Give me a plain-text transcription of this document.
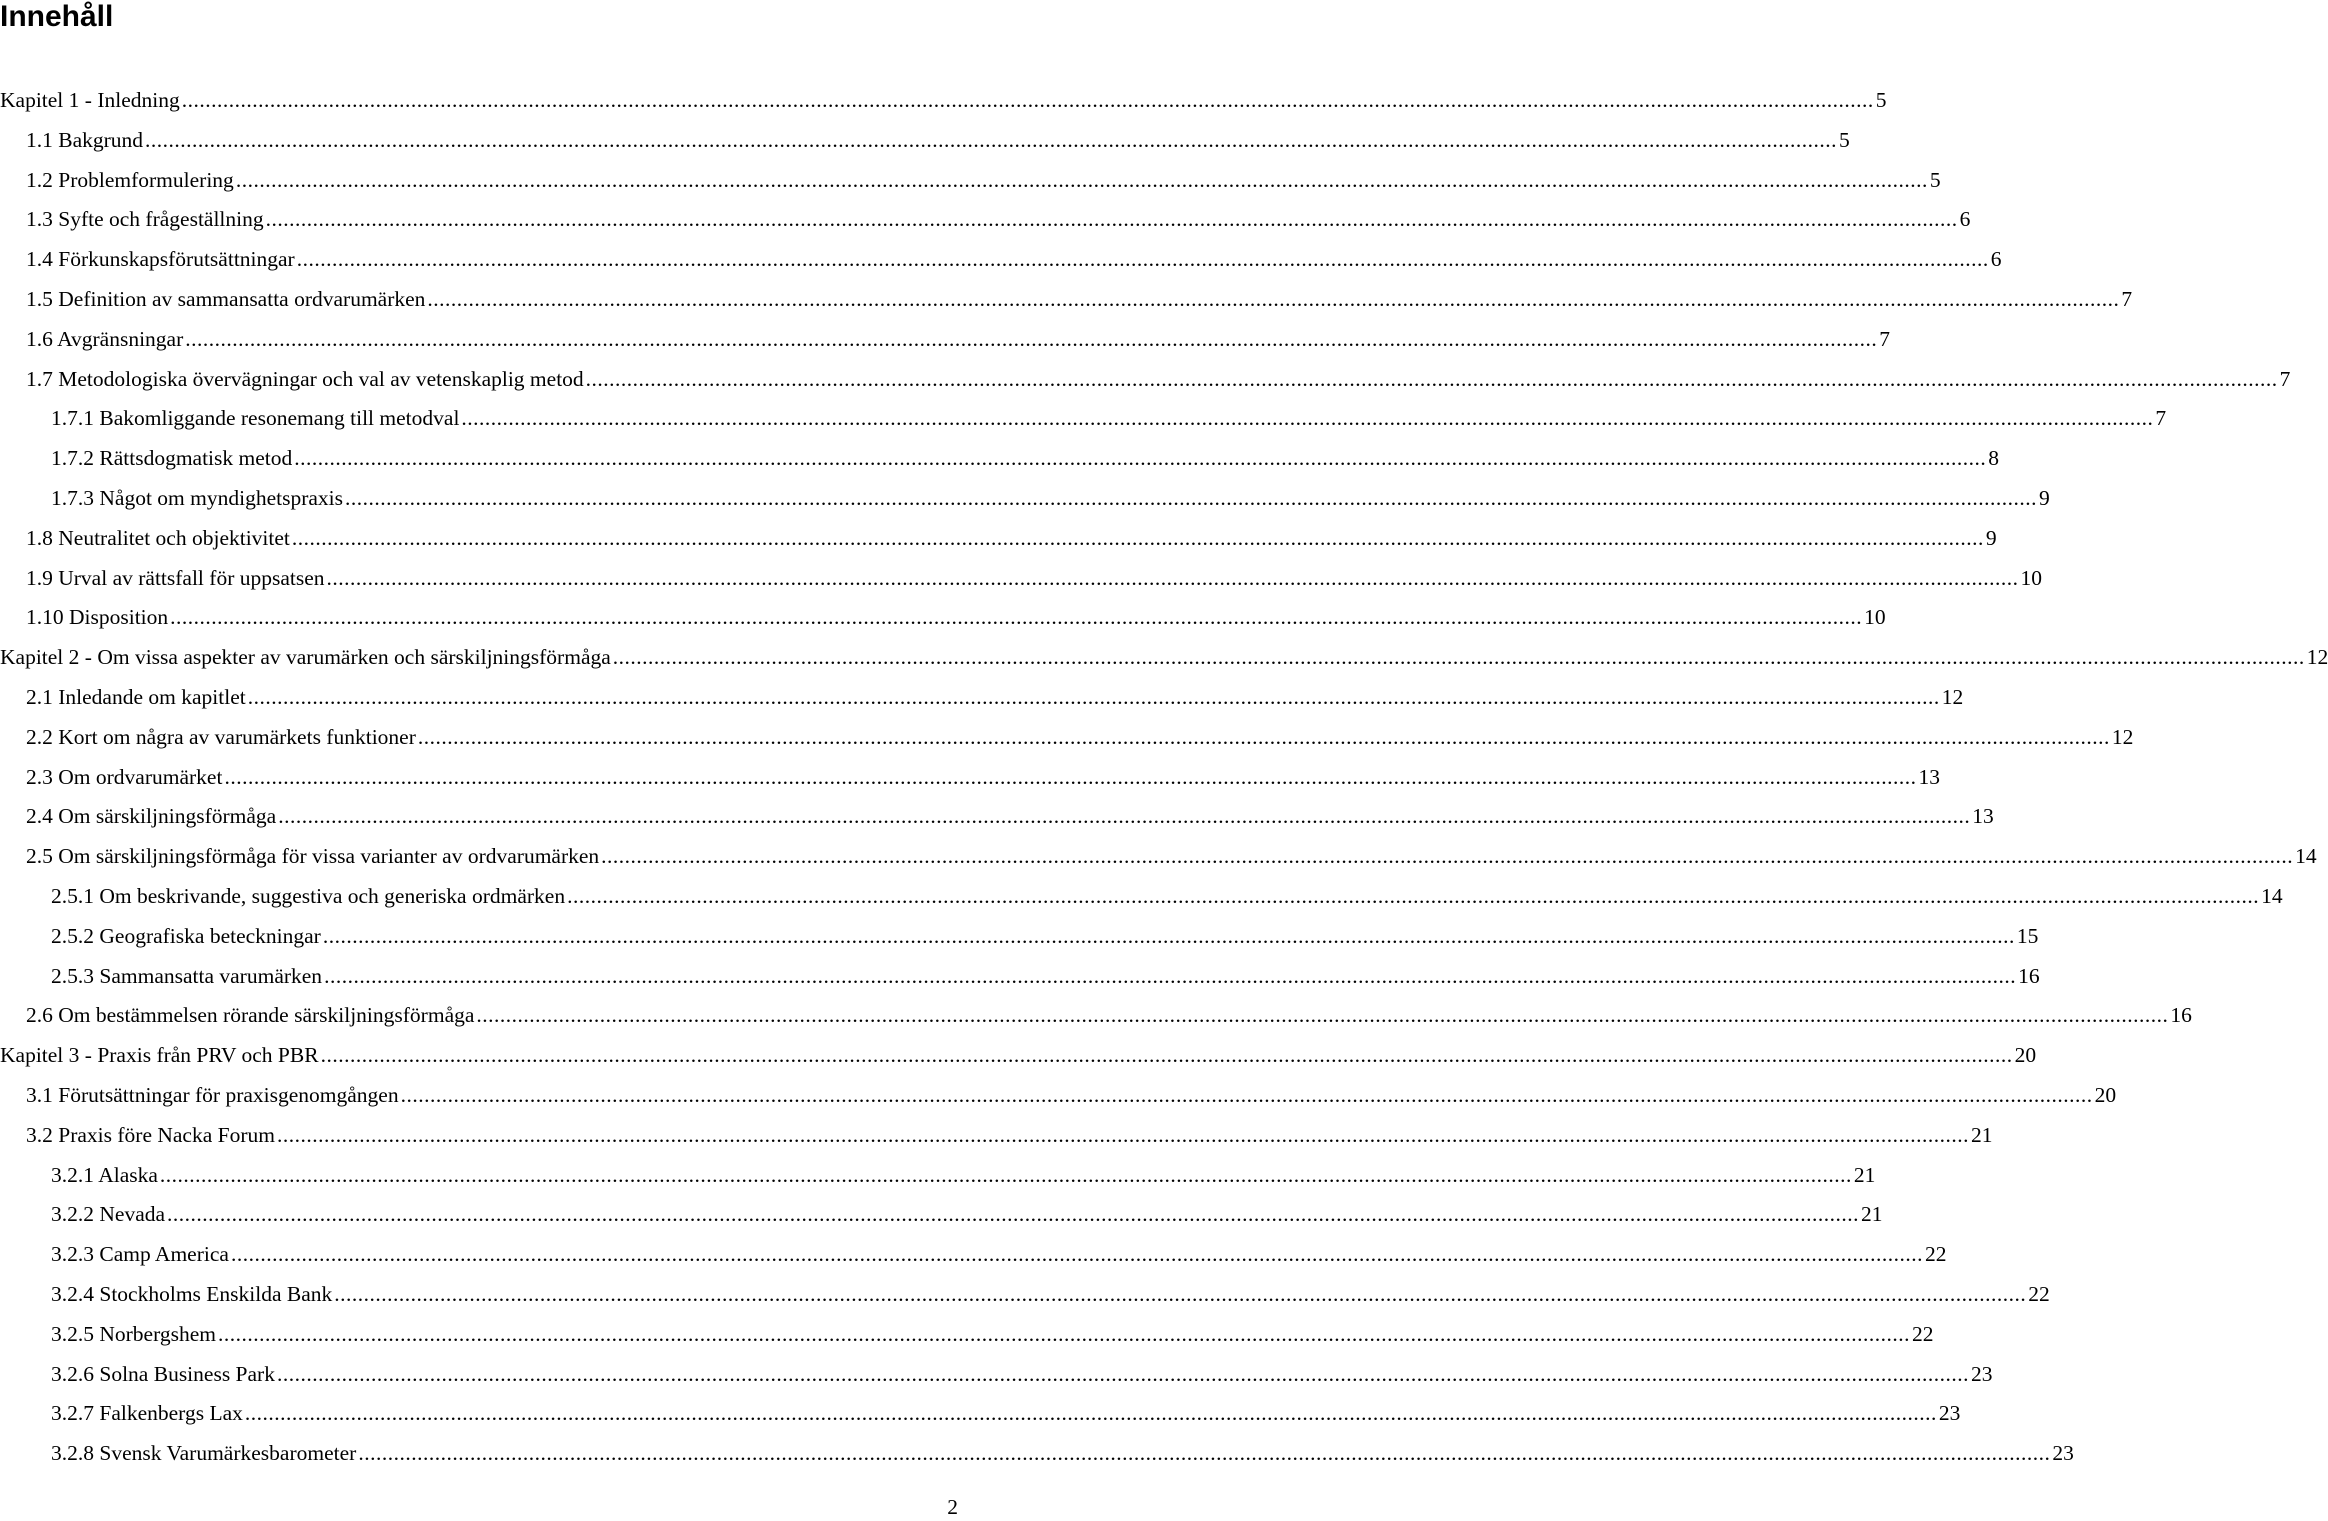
Innehåll
Kapitel 1 - Inledning .....	5
1.1 Bakgrund .....	5
1.2 Problemformulering .....	5
1.3 Syfte och frågeställning .....	6
1.4 Förkunskapsförutsättningar .....	6
1.5 Definition av sammansatta ordvarumärken .....	7
1.6 Avgränsningar .....	7
1.7 Metodologiska övervägningar och val av vetenskaplig metod .....	7
1.7.1 Bakomliggande resonemang till metodval .....	7
1.7.2 Rättsdogmatisk metod .....	8
1.7.3 Något om myndighetspraxis .....	9
1.8 Neutralitet och objektivitet .....	9
1.9 Urval av rättsfall för uppsatsen .....	10
1.10 Disposition .....	10
Kapitel 2 - Om vissa aspekter av varumärken och särskiljningsförmåga .....	12
2.1 Inledande om kapitlet .....	12
2.2 Kort om några av varumärkets funktioner .....	12
2.3 Om ordvarumärket .....	13
2.4 Om särskiljningsförmåga .....	13
2.5 Om särskiljningsförmåga för vissa varianter av ordvarumärken .....	14
2.5.1 Om beskrivande, suggestiva och generiska ordmärken .....	14
2.5.2 Geografiska beteckningar .....	15
2.5.3 Sammansatta varumärken .....	16
2.6 Om bestämmelsen rörande särskiljningsförmåga .....	16
Kapitel 3 - Praxis från PRV och PBR .....	20
3.1 Förutsättningar för praxisgenomgången .....	20
3.2 Praxis före Nacka Forum .....	21
3.2.1 Alaska .....	21
3.2.2 Nevada .....	21
3.2.3 Camp America .....	22
3.2.4 Stockholms Enskilda Bank .....	22
3.2.5 Norbergshem .....	22
3.2.6 Solna Business Park .....	23
3.2.7 Falkenbergs Lax .....	23
3.2.8 Svensk Varumärkesbarometer .....	23
2
